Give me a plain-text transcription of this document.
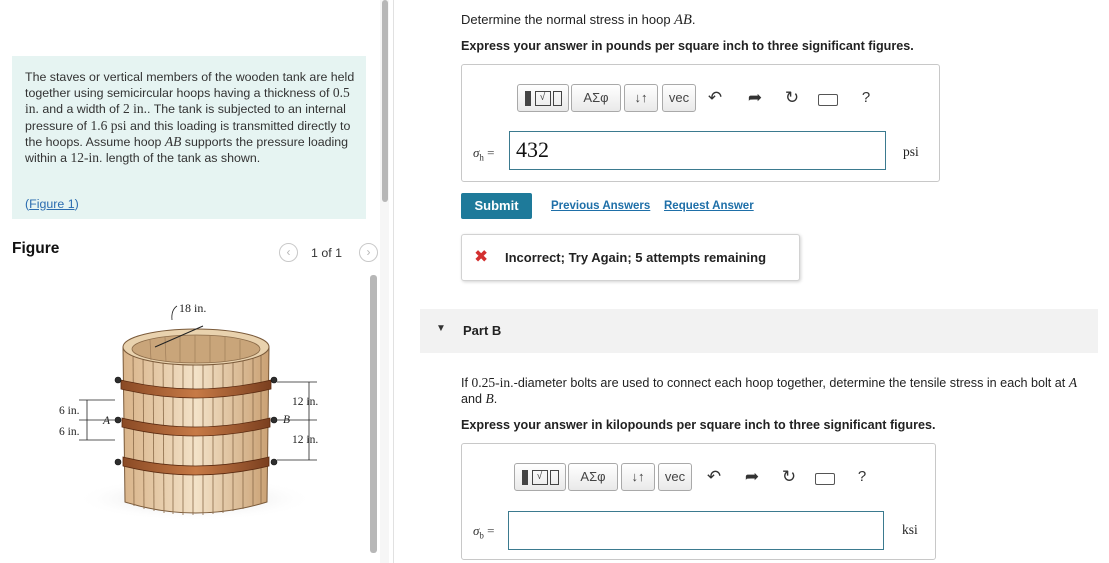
The staves or vertical members of the wooden tank are held together using semicircular hoops having a thickness of 0.5 in. and a width of 2 in.. The tank is subjected to an internal pressure of 1.6 psi and this loading is transmitted directly to the hoops. Assume hoop AB supports the pressure loading within a 12-in. length of the tank as shown.
(Figure 1)
Figure	‹	1 of 1	›
18 in.
6 in.
6 in.
A
12 in.
12 in.
B
Determine the normal stress in hoop AB.
Express your answer in pounds per square inch to three significant figures.
√	ΑΣφ	↓↑	vec	↶ ➦ ↻	?
$\sigma_h = 432$	psi
Submit	Previous Answers Request Answer
✖ Incorrect; Try Again; 5 attempts remaining
▼ Part B
If 0.25-in.-diameter bolts are used to connect each hoop together, determine the tensile stress in each bolt at A and B.
Express your answer in kilopounds per square inch to three significant figures.
√	ΑΣφ	↓↑	vec	↶ ➦ ↻	?
$\sigma_b$ =	ksi
